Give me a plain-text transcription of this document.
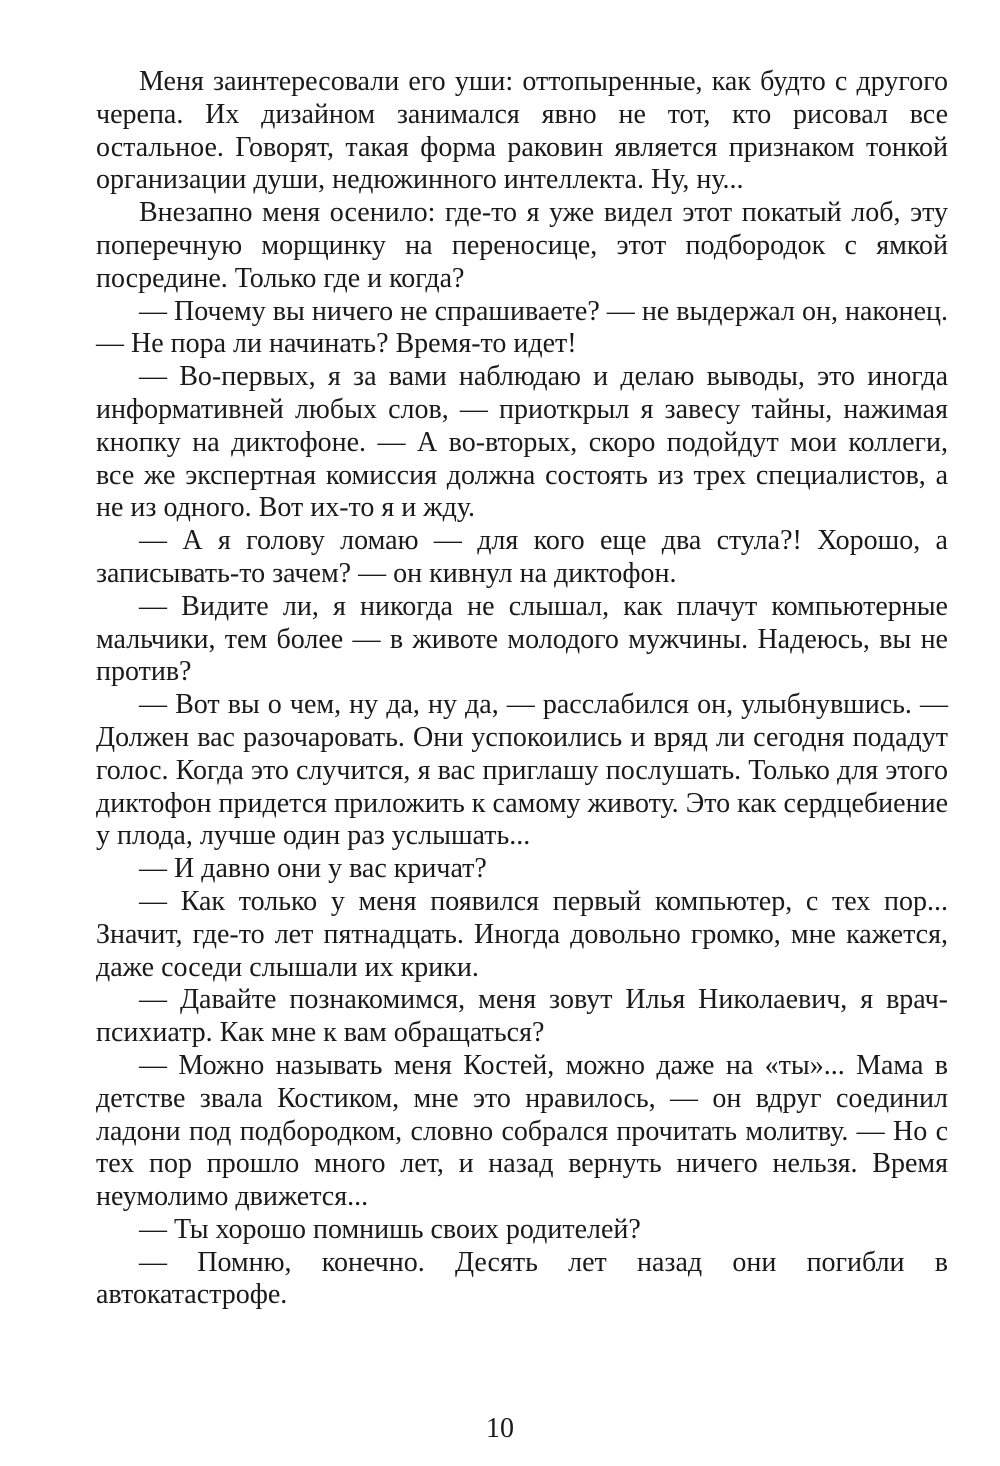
Меня заинтересовали его уши: оттопыренные, как будто с другого черепа. Их дизайном занимался явно не тот, кто рисовал все остальное. Говорят, такая форма раковин является признаком тонкой организации души, недюжинного интеллекта. Ну, ну...

Внезапно меня осенило: где-то я уже видел этот покатый лоб, эту поперечную морщинку на переносице, этот подбородок с ямкой посредине. Только где и когда?

— Почему вы ничего не спрашиваете? — не выдержал он, наконец. — Не пора ли начинать? Время-то идет!

— Во-первых, я за вами наблюдаю и делаю выводы, это иногда информативней любых слов, — приоткрыл я завесу тайны, нажимая кнопку на диктофоне. — А во-вторых, скоро подойдут мои коллеги, все же экспертная комиссия должна состоять из трех специалистов, а не из одного. Вот их-то я и жду.

— А я голову ломаю — для кого еще два стула?! Хорошо, а записывать-то зачем? — он кивнул на диктофон.

— Видите ли, я никогда не слышал, как плачут компьютерные мальчики, тем более — в животе молодого мужчины. Надеюсь, вы не против?

— Вот вы о чем, ну да, ну да, — расслабился он, улыбнувшись. — Должен вас разочаровать. Они успокоились и вряд ли сегодня подадут голос. Когда это случится, я вас приглашу послушать. Только для этого диктофон придется приложить к самому животу. Это как сердцебиение у плода, лучше один раз услышать...

— И давно они у вас кричат?

— Как только у меня появился первый компьютер, с тех пор... Значит, где-то лет пятнадцать. Иногда довольно громко, мне кажется, даже соседи слышали их крики.

— Давайте познакомимся, меня зовут Илья Николаевич, я врач-психиатр. Как мне к вам обращаться?

— Можно называть меня Костей, можно даже на «ты»... Мама в детстве звала Костиком, мне это нравилось, — он вдруг соединил ладони под подбородком, словно собрался прочитать молитву. — Но с тех пор прошло много лет, и назад вернуть ничего нельзя. Время неумолимо движется...

— Ты хорошо помнишь своих родителей?

— Помню, конечно. Десять лет назад они погибли в автокатастрофе.

10
